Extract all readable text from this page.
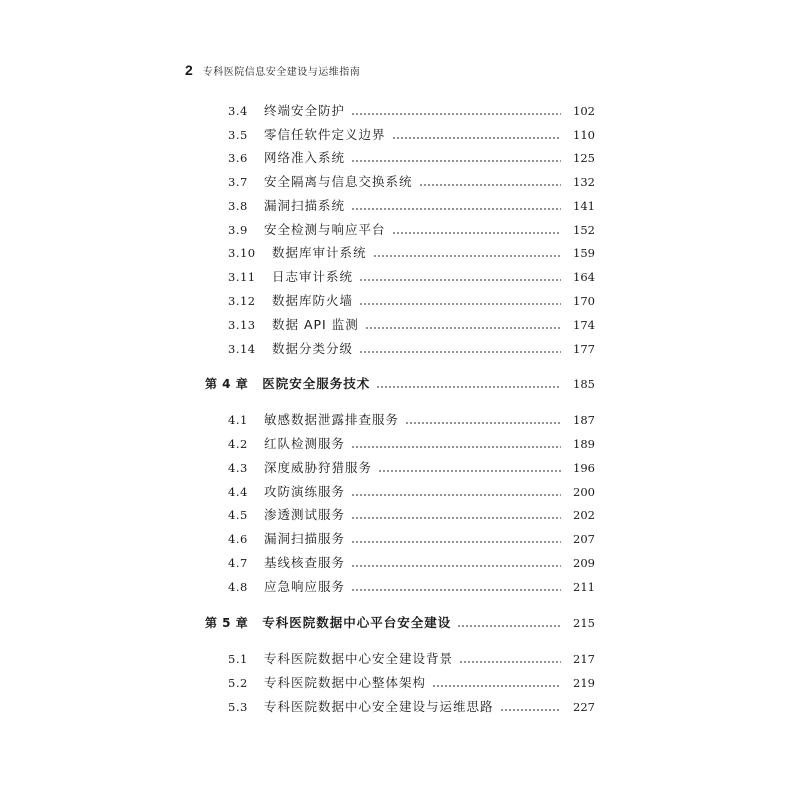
2 专科医院信息安全建设与运维指南
3.4	终端安全防护	102
3.5	零信任软件定义边界	110
3.6	网络准入系统	125
3.7	安全隔离与信息交换系统	132
3.8	漏洞扫描系统	141
3.9	安全检测与响应平台	152
3.10	数据库审计系统	159
3.11	日志审计系统	164
3.12	数据库防火墙	170
3.13	数据 API 监测	174
3.14	数据分类分级	177
第 4 章 医院安全服务技术	185
4.1	敏感数据泄露排查服务	187
4.2	红队检测服务	189
4.3	深度威胁狩猎服务	196
4.4	攻防演练服务	200
4.5	渗透测试服务	202
4.6	漏洞扫描服务	207
4.7	基线核查服务	209
4.8	应急响应服务	211
第 5 章 专科医院数据中心平台安全建设	215
5.1	专科医院数据中心安全建设背景	217
5.2	专科医院数据中心整体架构	219
5.3	专科医院数据中心安全建设与运维思路	227
